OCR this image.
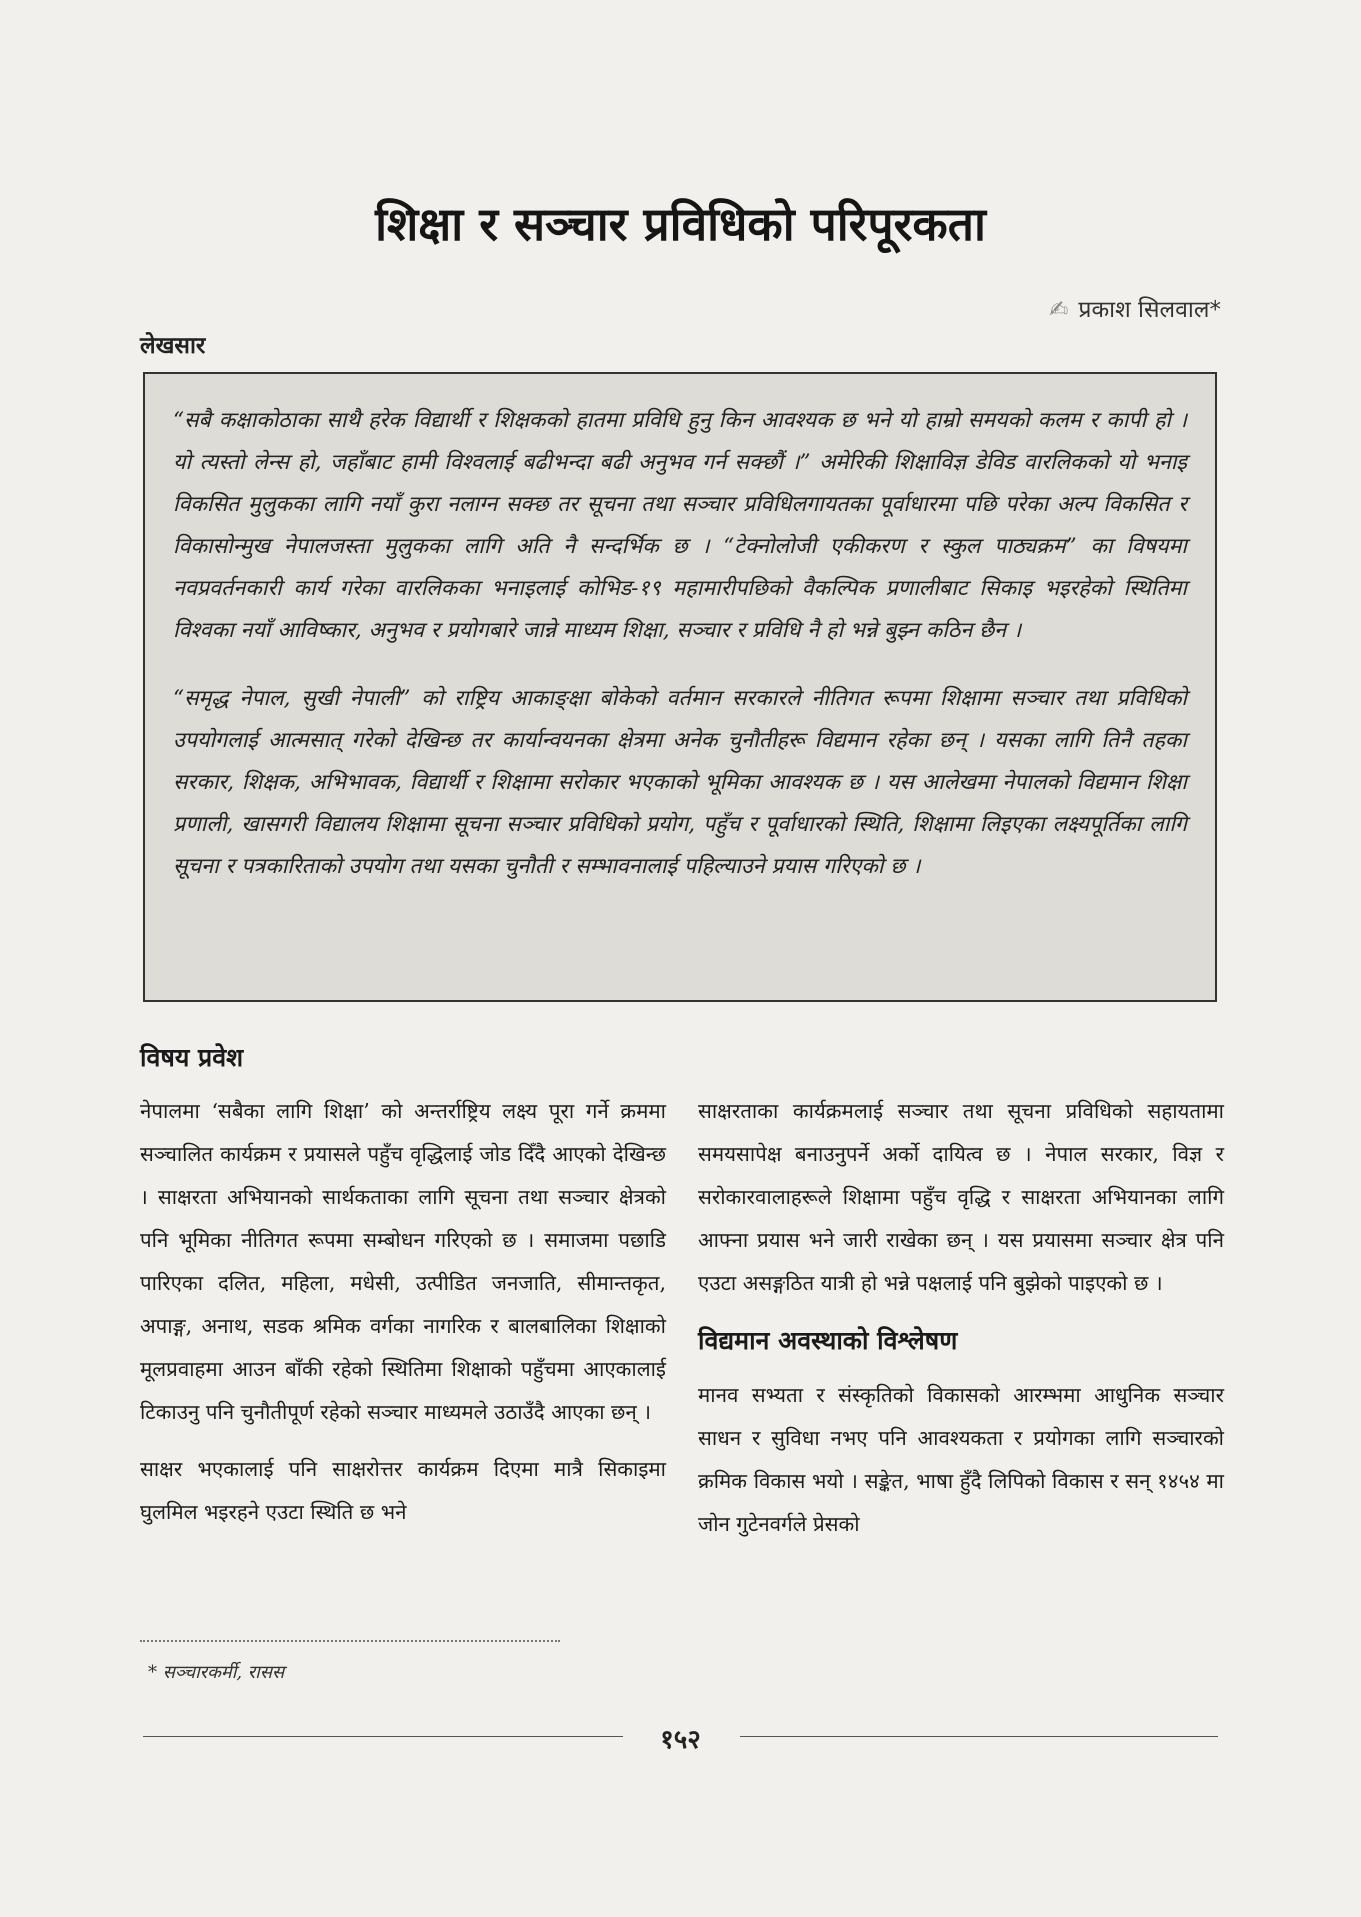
शिक्षा र सञ्चार प्रविधिको परिपूरकता
✍ प्रकाश सिलवाल*
लेखसार

“सबै कक्षाकोठाका साथै हरेक विद्यार्थी र शिक्षकको हातमा प्रविधि हुनु किन आवश्यक छ भने यो हाम्रो समयको कलम र कापी हो । यो त्यस्तो लेन्स हो, जहाँबाट हामी विश्वलाई बढीभन्दा बढी अनुभव गर्न सक्छौं ।” अमेरिकी शिक्षाविज्ञ डेविड वारलिकको यो भनाइ विकसित मुलुकका लागि नयाँ कुरा नलाग्न सक्छ तर सूचना तथा सञ्चार प्रविधिलगायतका पूर्वाधारमा पछि परेका अल्प विकसित र विकासोन्मुख नेपालजस्ता मुलुकका लागि अति नै सन्दर्भिक छ । “टेक्नोलोजी एकीकरण र स्कुल पाठ्यक्रम” का विषयमा नवप्रवर्तनकारी कार्य गरेका वारलिकका भनाइलाई कोभिड-१९ महामारीपछिको वैकल्पिक प्रणालीबाट सिकाइ भइरहेको स्थितिमा विश्वका नयाँ आविष्कार, अनुभव र प्रयोगबारे जान्ने माध्यम शिक्षा, सञ्चार र प्रविधि नै हो भन्ने बुझ्न कठिन छैन ।

“समृद्ध नेपाल, सुखी नेपाली” को राष्ट्रिय आकाङ्क्षा बोकेको वर्तमान सरकारले नीतिगत रूपमा शिक्षामा सञ्चार तथा प्रविधिको उपयोगलाई आत्मसात् गरेको देखिन्छ तर कार्यान्वयनका क्षेत्रमा अनेक चुनौतीहरू विद्यमान रहेका छन् । यसका लागि तिनै तहका सरकार, शिक्षक, अभिभावक, विद्यार्थी र शिक्षामा सरोकार भएकाको भूमिका आवश्यक छ । यस आलेखमा नेपालको विद्यमान शिक्षा प्रणाली, खासगरी विद्यालय शिक्षामा सूचना सञ्चार प्रविधिको प्रयोग, पहुँच र पूर्वाधारको स्थिति, शिक्षामा लिइएका लक्ष्यपूर्तिका लागि सूचना र पत्रकारिताको उपयोग तथा यसका चुनौती र सम्भावनालाई पहिल्याउने प्रयास गरिएको छ ।

विषय प्रवेश

नेपालमा ‘सबैका लागि शिक्षा’ को अन्तर्राष्ट्रिय लक्ष्य पूरा गर्ने क्रममा सञ्चालित कार्यक्रम र प्रयासले पहुँच वृद्धिलाई जोड दिँदै आएको देखिन्छ । साक्षरता अभियानको सार्थकताका लागि सूचना तथा सञ्चार क्षेत्रको पनि भूमिका नीतिगत रूपमा सम्बोधन गरिएको छ । समाजमा पछाडि पारिएका दलित, महिला, मधेसी, उत्पीडित जनजाति, सीमान्तकृत, अपाङ्ग, अनाथ, सडक श्रमिक वर्गका नागरिक र बालबालिका शिक्षाको मूलप्रवाहमा आउन बाँकी रहेको स्थितिमा शिक्षाको पहुँचमा आएकालाई टिकाउनु पनि चुनौतीपूर्ण रहेको सञ्चार माध्यमले उठाउँदै आएका छन् ।

साक्षर भएकालाई पनि साक्षरोत्तर कार्यक्रम दिएमा मात्रै सिकाइमा घुलमिल भइरहने एउटा स्थिति छ भने

साक्षरताका कार्यक्रमलाई सञ्चार तथा सूचना प्रविधिको सहायतामा समयसापेक्ष बनाउनुपर्ने अर्को दायित्व छ । नेपाल सरकार, विज्ञ र सरोकारवालाहरूले शिक्षामा पहुँच वृद्धि र साक्षरता अभियानका लागि आफ्ना प्रयास भने जारी राखेका छन् । यस प्रयासमा सञ्चार क्षेत्र पनि एउटा असङ्गठित यात्री हो भन्ने पक्षलाई पनि बुझेको पाइएको छ ।

विद्यमान अवस्थाको विश्लेषण

मानव सभ्यता र संस्कृतिको विकासको आरम्भमा आधुनिक सञ्चार साधन र सुविधा नभए पनि आवश्यकता र प्रयोगका लागि सञ्चारको क्रमिक विकास भयो । सङ्केत, भाषा हुँदै लिपिको विकास र सन् १४५४ मा जोन गुटेनवर्गले प्रेसको

* सञ्चारकर्मी, रासस
१५२
